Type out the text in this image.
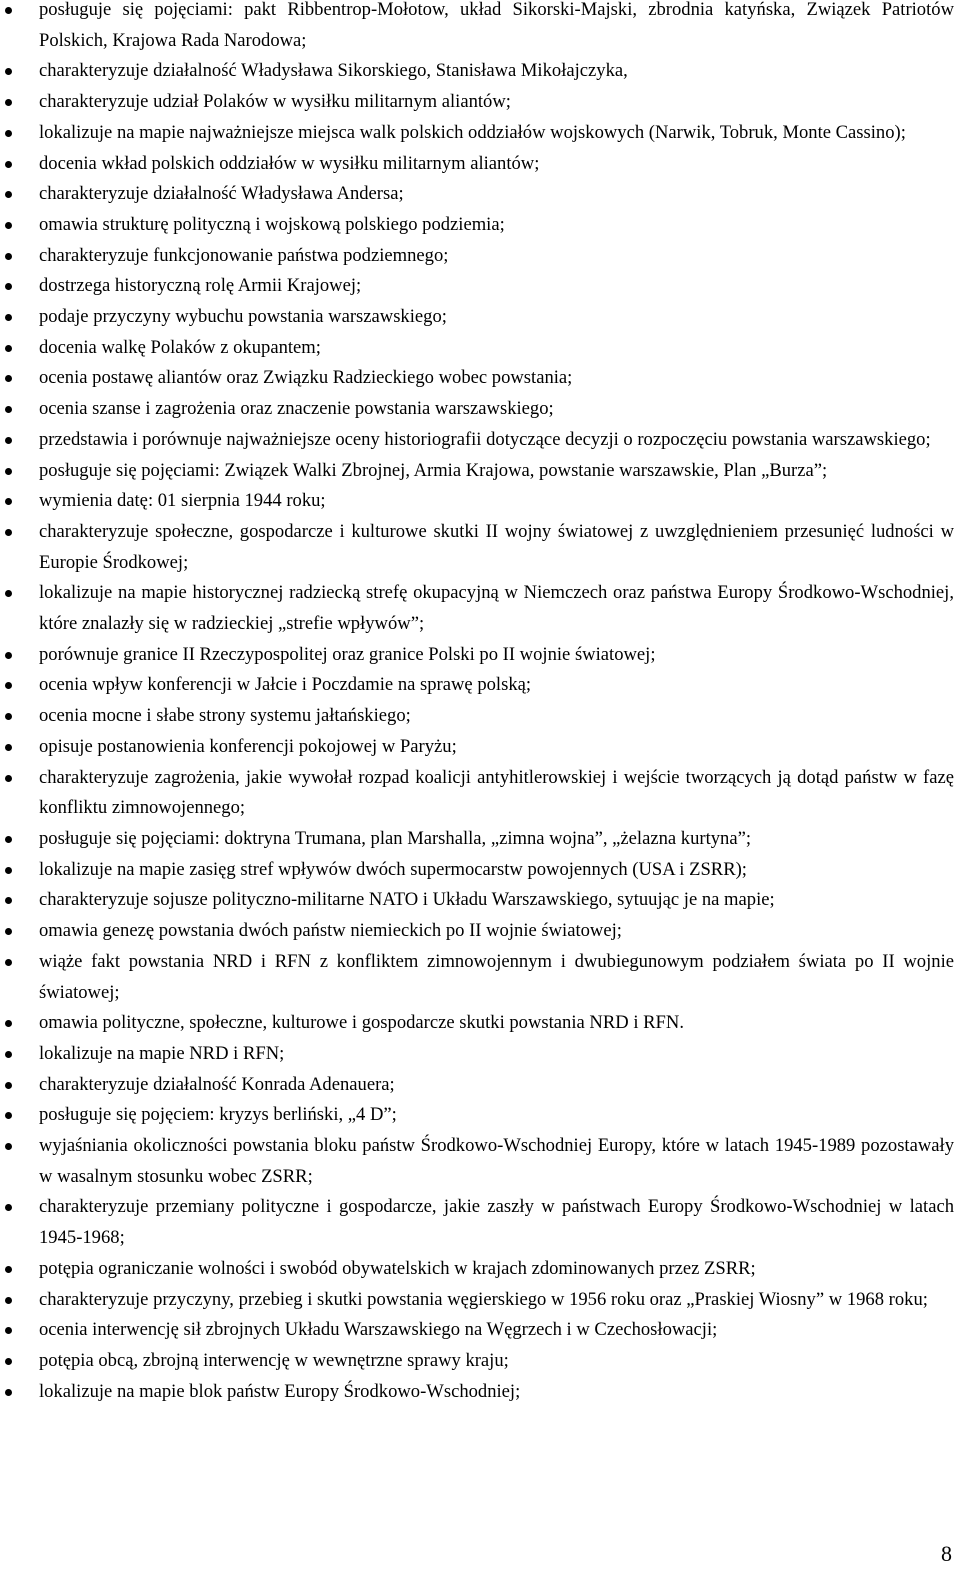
posługuje się pojęciami: pakt Ribbentrop-Mołotow, układ Sikorski-Majski, zbrodnia katyńska, Związek Patriotów Polskich, Krajowa Rada Narodowa;
charakteryzuje działalność Władysława Sikorskiego, Stanisława Mikołajczyka,
charakteryzuje udział Polaków w wysiłku militarnym aliantów;
lokalizuje na mapie najważniejsze miejsca walk polskich oddziałów wojskowych (Narwik, Tobruk, Monte Cassino);
docenia wkład polskich oddziałów w wysiłku militarnym aliantów;
charakteryzuje działalność Władysława Andersa;
omawia strukturę polityczną i wojskową polskiego podziemia;
charakteryzuje funkcjonowanie państwa podziemnego;
dostrzega historyczną rolę Armii Krajowej;
podaje przyczyny wybuchu powstania warszawskiego;
docenia walkę Polaków z okupantem;
ocenia postawę aliantów oraz Związku Radzieckiego wobec powstania;
ocenia szanse i zagrożenia oraz znaczenie powstania warszawskiego;
przedstawia i porównuje najważniejsze oceny historiografii dotyczące decyzji o rozpoczęciu powstania warszawskiego;
posługuje się pojęciami: Związek Walki Zbrojnej, Armia Krajowa, powstanie warszawskie, Plan „Burza”;
wymienia datę: 01 sierpnia 1944 roku;
charakteryzuje społeczne, gospodarcze i kulturowe skutki II wojny światowej z uwzględnieniem przesunięć ludności w Europie Środkowej;
lokalizuje na mapie historycznej radziecką strefę okupacyjną w Niemczech oraz państwa Europy Środkowo-Wschodniej, które znalazły się w radzieckiej „strefie wpływów”;
porównuje granice II Rzeczypospolitej oraz granice Polski po II wojnie światowej;
ocenia wpływ konferencji w Jałcie i Poczdamie na sprawę polską;
ocenia mocne i słabe strony systemu jałtańskiego;
opisuje postanowienia konferencji pokojowej w Paryżu;
charakteryzuje zagrożenia, jakie wywołał rozpad koalicji antyhitlerowskiej i wejście tworzących ją dotąd państw w fazę konfliktu zimnowojennego;
posługuje się pojęciami: doktryna Trumana, plan Marshalla, „zimna wojna”, „żelazna kurtyna”;
lokalizuje na mapie zasięg stref wpływów dwóch supermocarstw powojennych (USA i ZSRR);
charakteryzuje sojusze polityczno-militarne NATO i Układu Warszawskiego, sytuując je na mapie;
omawia genezę powstania dwóch państw niemieckich po II wojnie światowej;
wiąże fakt powstania NRD i RFN z konfliktem zimnowojennym i dwubiegunowym podziałem świata po II wojnie światowej;
omawia polityczne, społeczne, kulturowe i gospodarcze skutki powstania NRD i RFN.
lokalizuje na mapie NRD i RFN;
charakteryzuje działalność Konrada Adenauera;
posługuje się pojęciem: kryzys berliński, „4 D”;
wyjaśniania okoliczności powstania bloku państw Środkowo-Wschodniej Europy, które w latach 1945-1989 pozostawały w wasalnym stosunku wobec ZSRR;
charakteryzuje przemiany polityczne i gospodarcze, jakie zaszły w państwach Europy Środkowo-Wschodniej w latach 1945-1968;
potępia ograniczanie wolności i swobód obywatelskich w krajach zdominowanych przez ZSRR;
charakteryzuje przyczyny, przebieg i skutki powstania węgierskiego w 1956 roku oraz „Praskiej Wiosny” w 1968 roku;
ocenia interwencję sił zbrojnych Układu Warszawskiego na Węgrzech i w Czechosłowacji;
potępia obcą, zbrojną interwencję w wewnętrzne sprawy kraju;
lokalizuje na mapie blok państw Europy Środkowo-Wschodniej;
8
